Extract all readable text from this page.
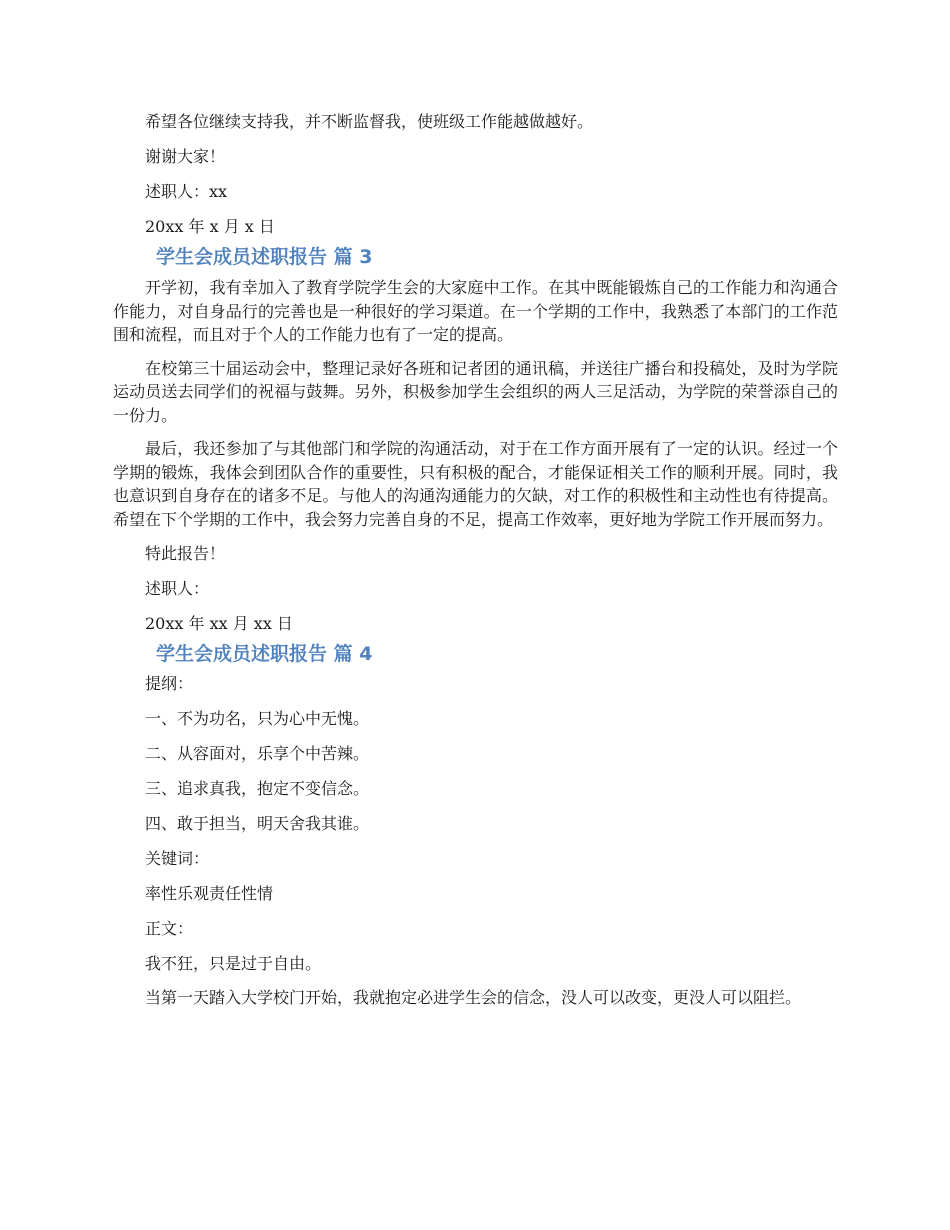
希望各位继续支持我，并不断监督我，使班级工作能越做越好。

谢谢大家！

述职人：xx

20xx 年 x 月 x 日

学生会成员述职报告 篇 3

开学初，我有幸加入了教育学院学生会的大家庭中工作。在其中既能锻炼自己的工作能力和沟通合作能力，对自身品行的完善也是一种很好的学习渠道。在一个学期的工作中，我熟悉了本部门的工作范围和流程，而且对于个人的工作能力也有了一定的提高。

在校第三十届运动会中，整理记录好各班和记者团的通讯稿，并送往广播台和投稿处，及时为学院运动员送去同学们的祝福与鼓舞。另外，积极参加学生会组织的两人三足活动，为学院的荣誉添自己的一份力。

最后，我还参加了与其他部门和学院的沟通活动，对于在工作方面开展有了一定的认识。经过一个学期的锻炼，我体会到团队合作的重要性，只有积极的配合，才能保证相关工作的顺利开展。同时，我也意识到自身存在的诸多不足。与他人的沟通沟通能力的欠缺，对工作的积极性和主动性也有待提高。希望在下个学期的工作中，我会努力完善自身的不足，提高工作效率，更好地为学院工作开展而努力。

特此报告！

述职人：

20xx 年 xx 月 xx 日

学生会成员述职报告 篇 4

提纲：

一、不为功名，只为心中无愧。

二、从容面对，乐享个中苦辣。

三、追求真我，抱定不变信念。

四、敢于担当，明天舍我其谁。

关键词：

率性乐观责任性情

正文：

我不狂，只是过于自由。

当第一天踏入大学校门开始，我就抱定必进学生会的信念，没人可以改变，更没人可以阻拦。
